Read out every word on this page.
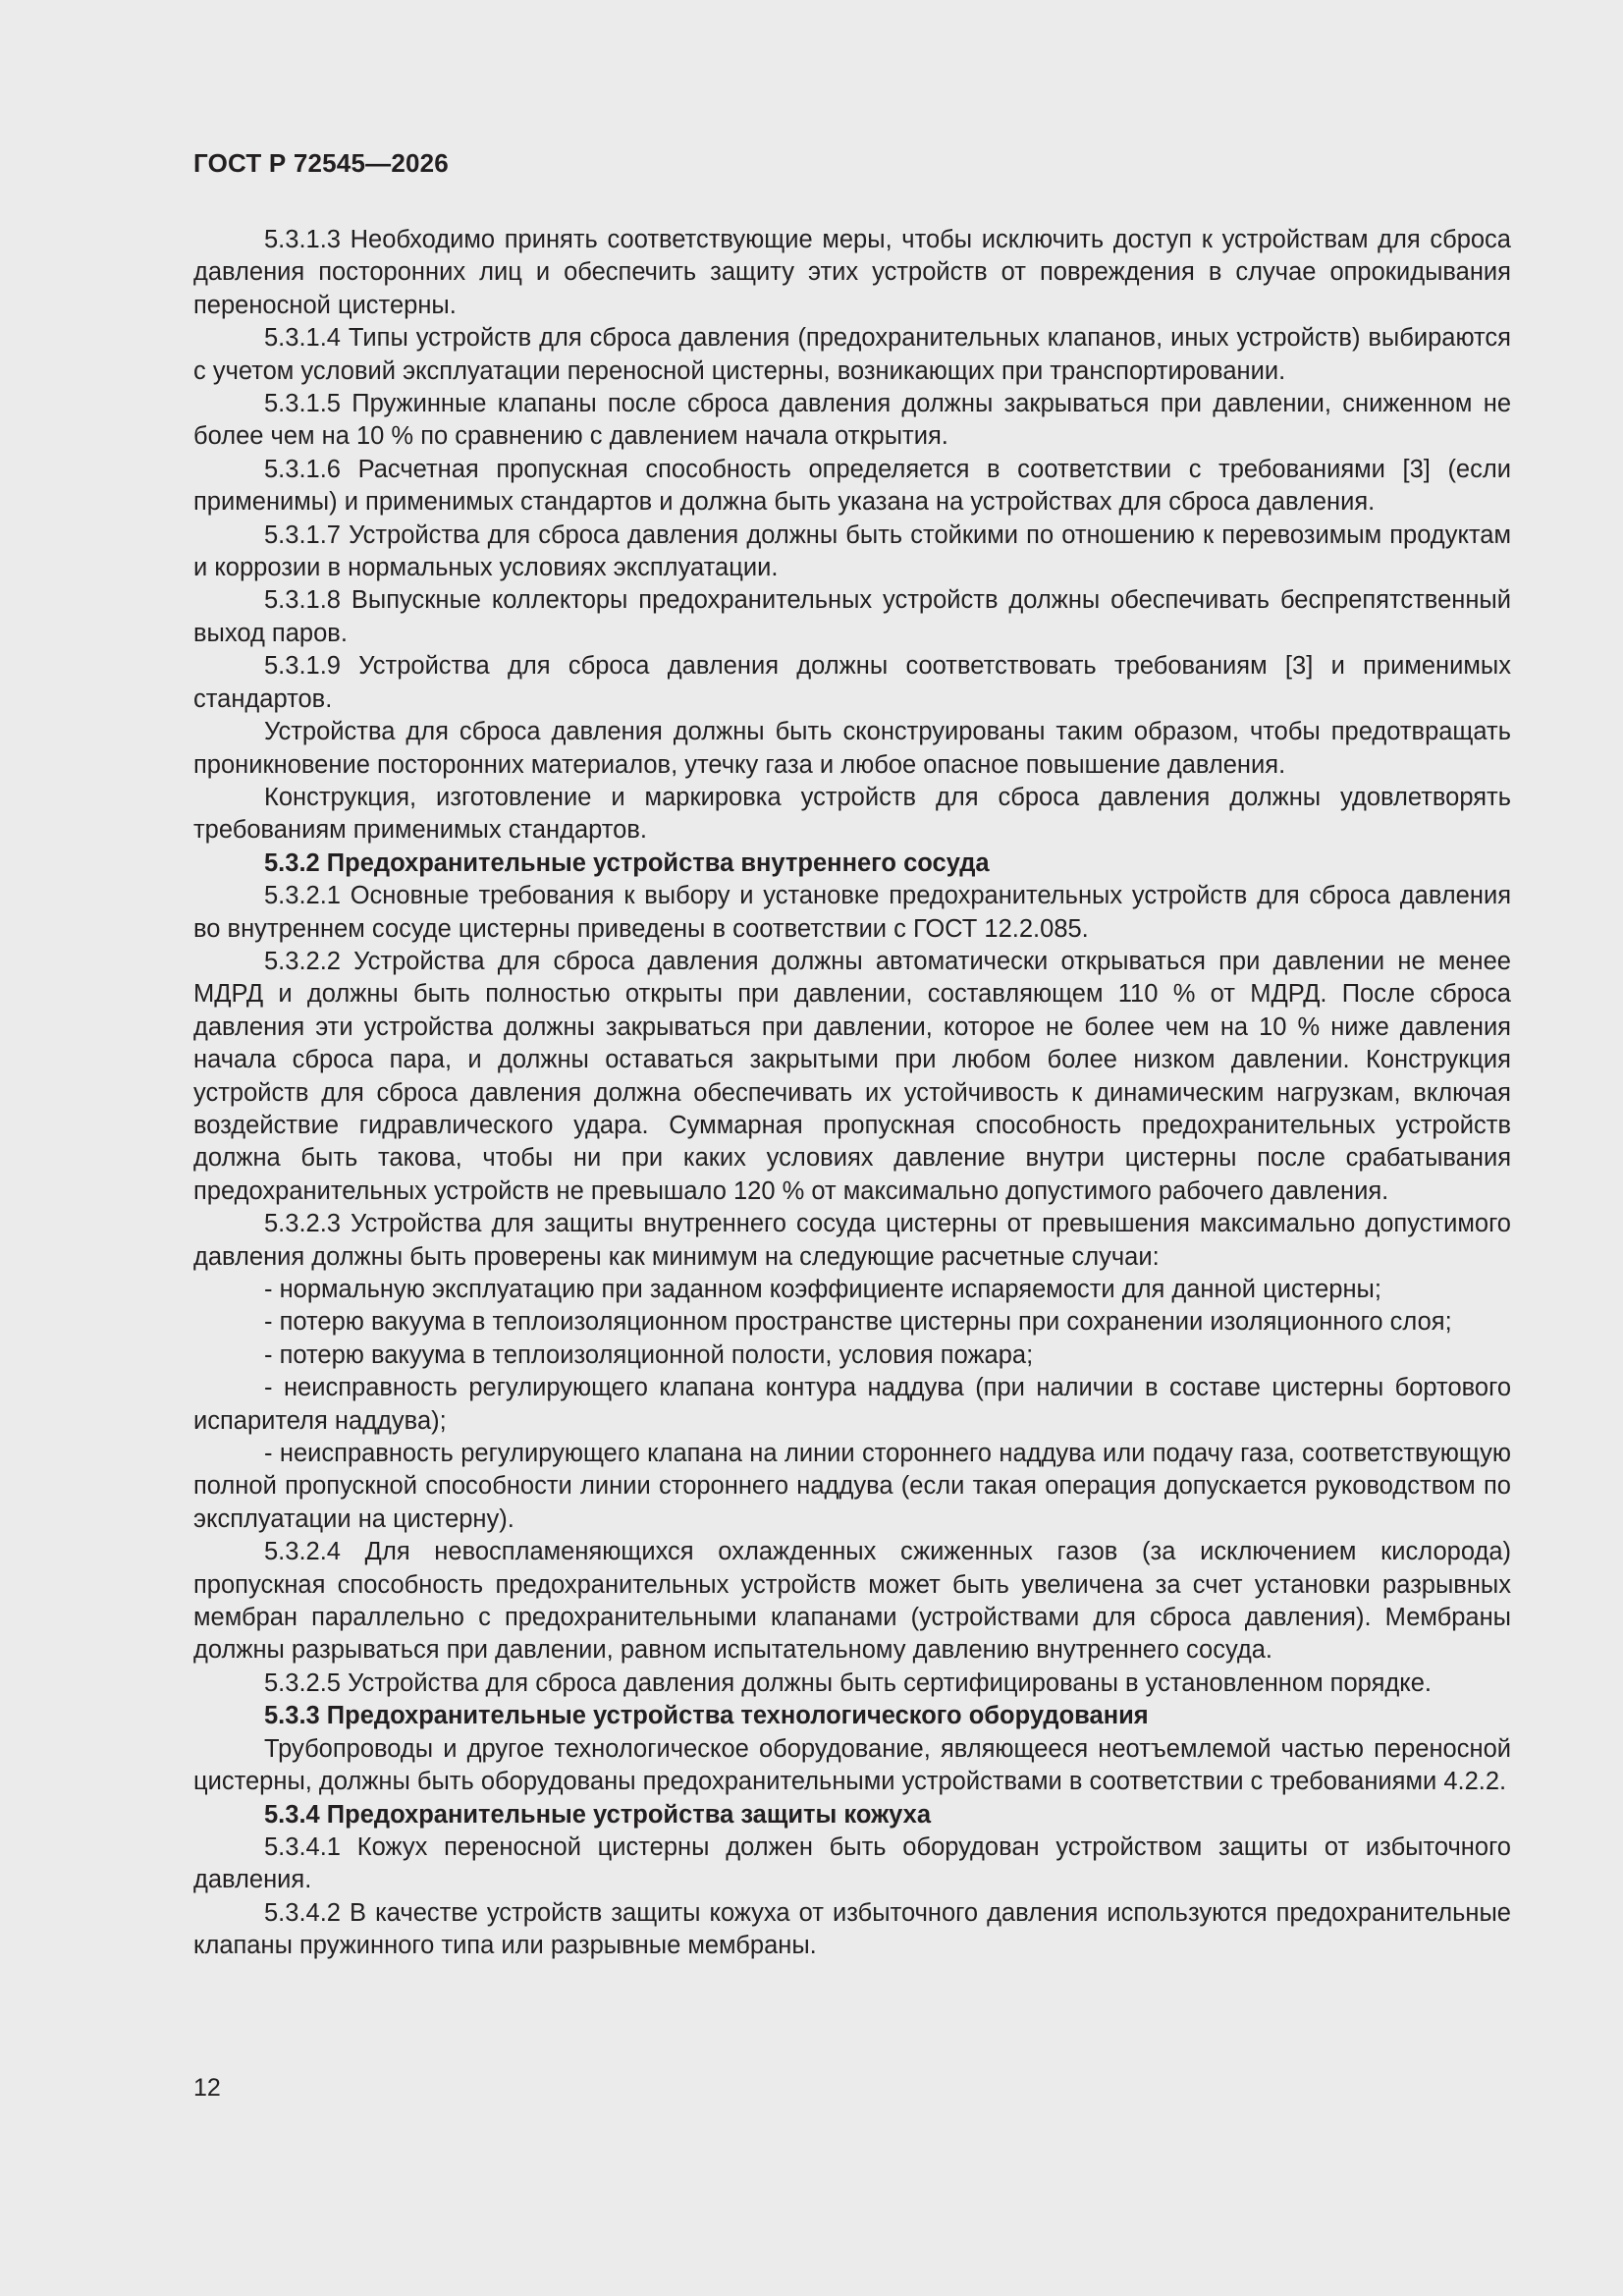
ГОСТ Р 72545—2026

5.3.1.3 Необходимо принять соответствующие меры, чтобы исключить доступ к устройствам для сброса давления посторонних лиц и обеспечить защиту этих устройств от повреждения в случае опрокидывания переносной цистерны.

5.3.1.4 Типы устройств для сброса давления (предохранительных клапанов, иных устройств) выбираются с учетом условий эксплуатации переносной цистерны, возникающих при транспортировании.

5.3.1.5 Пружинные клапаны после сброса давления должны закрываться при давлении, сниженном не более чем на 10 % по сравнению с давлением начала открытия.

5.3.1.6 Расчетная пропускная способность определяется в соответствии с требованиями [3] (если применимы) и применимых стандартов и должна быть указана на устройствах для сброса давления.

5.3.1.7 Устройства для сброса давления должны быть стойкими по отношению к перевозимым продуктам и коррозии в нормальных условиях эксплуатации.

5.3.1.8 Выпускные коллекторы предохранительных устройств должны обеспечивать беспрепятственный выход паров.

5.3.1.9 Устройства для сброса давления должны соответствовать требованиям [3] и применимых стандартов.

Устройства для сброса давления должны быть сконструированы таким образом, чтобы предотвращать проникновение посторонних материалов, утечку газа и любое опасное повышение давления.

Конструкция, изготовление и маркировка устройств для сброса давления должны удовлетворять требованиям применимых стандартов.

5.3.2 Предохранительные устройства внутреннего сосуда

5.3.2.1 Основные требования к выбору и установке предохранительных устройств для сброса давления во внутреннем сосуде цистерны приведены в соответствии с ГОСТ 12.2.085.

5.3.2.2 Устройства для сброса давления должны автоматически открываться при давлении не менее МДРД и должны быть полностью открыты при давлении, составляющем 110 % от МДРД. После сброса давления эти устройства должны закрываться при давлении, которое не более чем на 10 % ниже давления начала сброса пара, и должны оставаться закрытыми при любом более низком давлении. Конструкция устройств для сброса давления должна обеспечивать их устойчивость к динамическим нагрузкам, включая воздействие гидравлического удара. Суммарная пропускная способность предохранительных устройств должна быть такова, чтобы ни при каких условиях давление внутри цистерны после срабатывания предохранительных устройств не превышало 120 % от максимально допустимого рабочего давления.

5.3.2.3 Устройства для защиты внутреннего сосуда цистерны от превышения максимально допустимого давления должны быть проверены как минимум на следующие расчетные случаи:

- нормальную эксплуатацию при заданном коэффициенте испаряемости для данной цистерны;

- потерю вакуума в теплоизоляционном пространстве цистерны при сохранении изоляционного слоя;

- потерю вакуума в теплоизоляционной полости, условия пожара;

- неисправность регулирующего клапана контура наддува (при наличии в составе цистерны бортового испарителя наддува);

- неисправность регулирующего клапана на линии стороннего наддува или подачу газа, соответствующую полной пропускной способности линии стороннего наддува (если такая операция допускается руководством по эксплуатации на цистерну).

5.3.2.4 Для невоспламеняющихся охлажденных сжиженных газов (за исключением кислорода) пропускная способность предохранительных устройств может быть увеличена за счет установки разрывных мембран параллельно с предохранительными клапанами (устройствами для сброса давления). Мембраны должны разрываться при давлении, равном испытательному давлению внутреннего сосуда.

5.3.2.5 Устройства для сброса давления должны быть сертифицированы в установленном порядке.

5.3.3 Предохранительные устройства технологического оборудования

Трубопроводы и другое технологическое оборудование, являющееся неотъемлемой частью переносной цистерны, должны быть оборудованы предохранительными устройствами в соответствии с требованиями 4.2.2.

5.3.4 Предохранительные устройства защиты кожуха

5.3.4.1 Кожух переносной цистерны должен быть оборудован устройством защиты от избыточного давления.

5.3.4.2 В качестве устройств защиты кожуха от избыточного давления используются предохранительные клапаны пружинного типа или разрывные мембраны.

12
